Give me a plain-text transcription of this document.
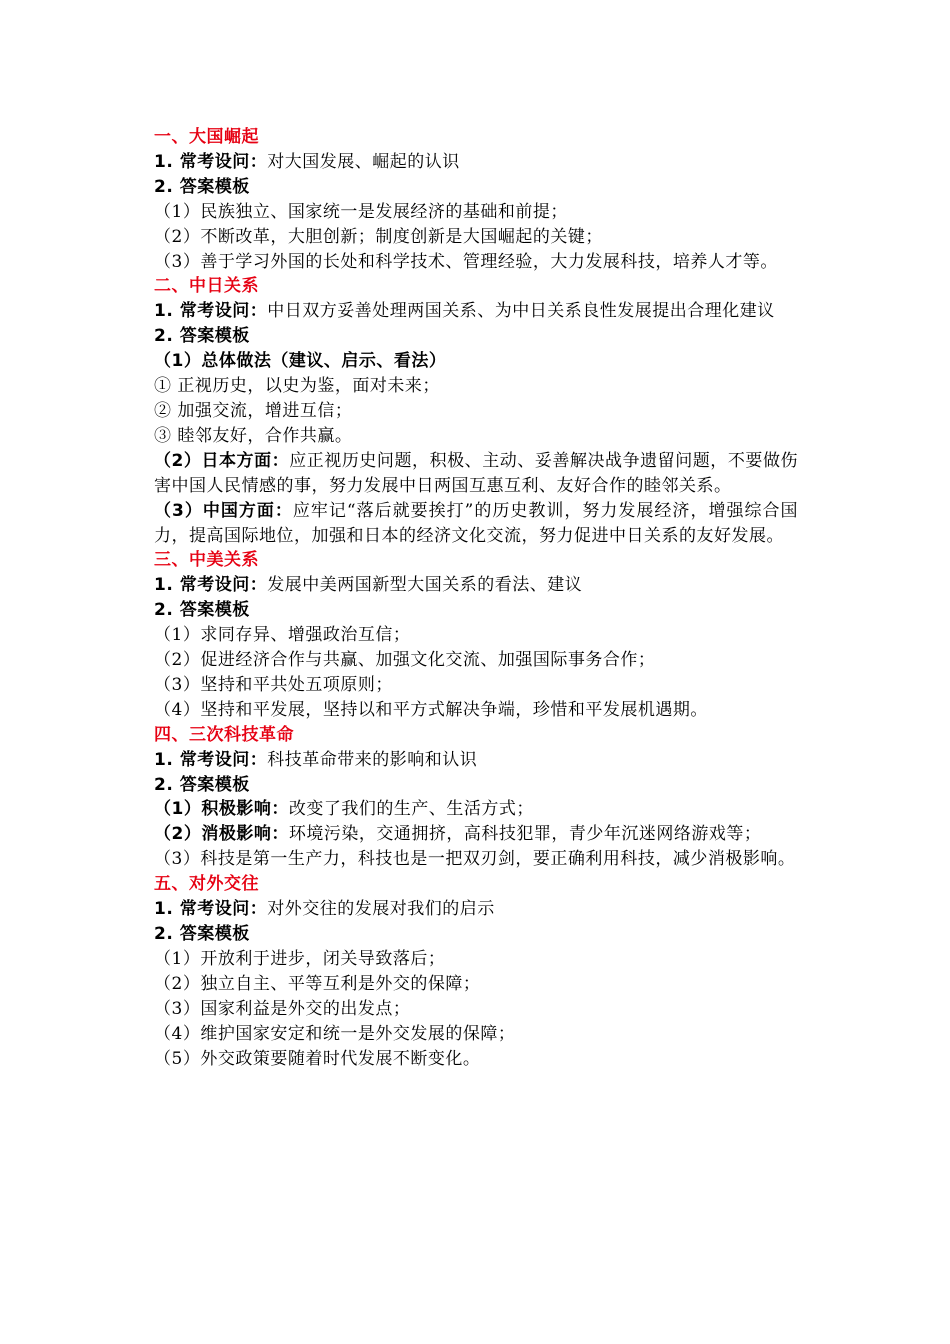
一、大国崛起

1. 常考设问：对大国发展、崛起的认识

2. 答案模板

（1）民族独立、国家统一是发展经济的基础和前提；

（2）不断改革，大胆创新；制度创新是大国崛起的关键；

（3）善于学习外国的长处和科学技术、管理经验，大力发展科技，培养人才等。

二、中日关系

1. 常考设问：中日双方妥善处理两国关系、为中日关系良性发展提出合理化建议

2. 答案模板

（1）总体做法（建议、启示、看法）

① 正视历史，以史为鉴，面对未来；

② 加强交流，增进互信；

③ 睦邻友好，合作共赢。

（2）日本方面：应正视历史问题，积极、主动、妥善解决战争遗留问题，不要做伤害中国人民情感的事，努力发展中日两国互惠互利、友好合作的睦邻关系。

（3）中国方面：应牢记“落后就要挨打”的历史教训，努力发展经济，增强综合国力，提高国际地位，加强和日本的经济文化交流，努力促进中日关系的友好发展。

三、中美关系

1. 常考设问：发展中美两国新型大国关系的看法、建议

2. 答案模板

（1）求同存异、增强政治互信；

（2）促进经济合作与共赢、加强文化交流、加强国际事务合作；

（3）坚持和平共处五项原则；

（4）坚持和平发展，坚持以和平方式解决争端，珍惜和平发展机遇期。

四、三次科技革命

1. 常考设问：科技革命带来的影响和认识

2. 答案模板

（1）积极影响：改变了我们的生产、生活方式；

（2）消极影响：环境污染，交通拥挤，高科技犯罪，青少年沉迷网络游戏等；

（3）科技是第一生产力，科技也是一把双刃剑，要正确利用科技，减少消极影响。

五、对外交往

1. 常考设问：对外交往的发展对我们的启示

2. 答案模板

（1）开放利于进步，闭关导致落后；

（2）独立自主、平等互利是外交的保障；

（3）国家利益是外交的出发点；

（4）维护国家安定和统一是外交发展的保障；

（5）外交政策要随着时代发展不断变化。
